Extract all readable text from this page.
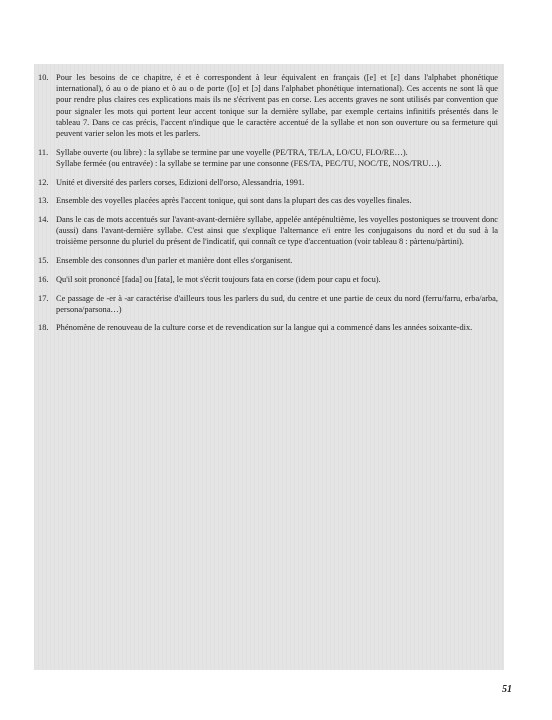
10. Pour les besoins de ce chapitre, é et è correspondent à leur équivalent en français ([e] et [ɛ] dans l'alphabet phonétique international), ó au o de piano et ò au o de porte ([o] et [ɔ] dans l'alphabet phonétique international). Ces accents ne sont là que pour rendre plus claires ces explications mais ils ne s'écrivent pas en corse. Les accents graves ne sont utilisés par convention que pour signaler les mots qui portent leur accent tonique sur la dernière syllabe, par exemple certains infinitifs présentés dans le tableau 7. Dans ce cas précis, l'accent n'indique que le caractère accentué de la syllabe et non son ouverture ou sa fermeture qui peuvent varier selon les mots et les parlers.
11. Syllabe ouverte (ou libre) : la syllabe se termine par une voyelle (PE/TRA, TE/LA, LO/CU, FLO/RE…).
Syllabe fermée (ou entravée) : la syllabe se termine par une consonne (FES/TA, PEC/TU, NOC/TE, NOS/TRU…).
12. Unité et diversité des parlers corses, Edizioni dell'orso, Alessandria, 1991.
13. Ensemble des voyelles placées après l'accent tonique, qui sont dans la plupart des cas des voyelles finales.
14. Dans le cas de mots accentués sur l'avant-avant-dernière syllabe, appelée antépénultième, les voyelles postoniques se trouvent donc (aussi) dans l'avant-dernière syllabe. C'est ainsi que s'explique l'alternance e/i entre les conjugaisons du nord et du sud à la troisième personne du pluriel du présent de l'indicatif, qui connaît ce type d'accentuation (voir tableau 8 : pàrtenu/pàrtini).
15. Ensemble des consonnes d'un parler et manière dont elles s'organisent.
16. Qu'il soit prononcé [fada] ou [fata], le mot s'écrit toujours fata en corse (idem pour capu et focu).
17. Ce passage de -er à -ar caractérise d'ailleurs tous les parlers du sud, du centre et une partie de ceux du nord (ferru/farru, erba/arba, persona/parsona…)
18. Phénomène de renouveau de la culture corse et de revendication sur la langue qui a commencé dans les années soixante-dix.
51
